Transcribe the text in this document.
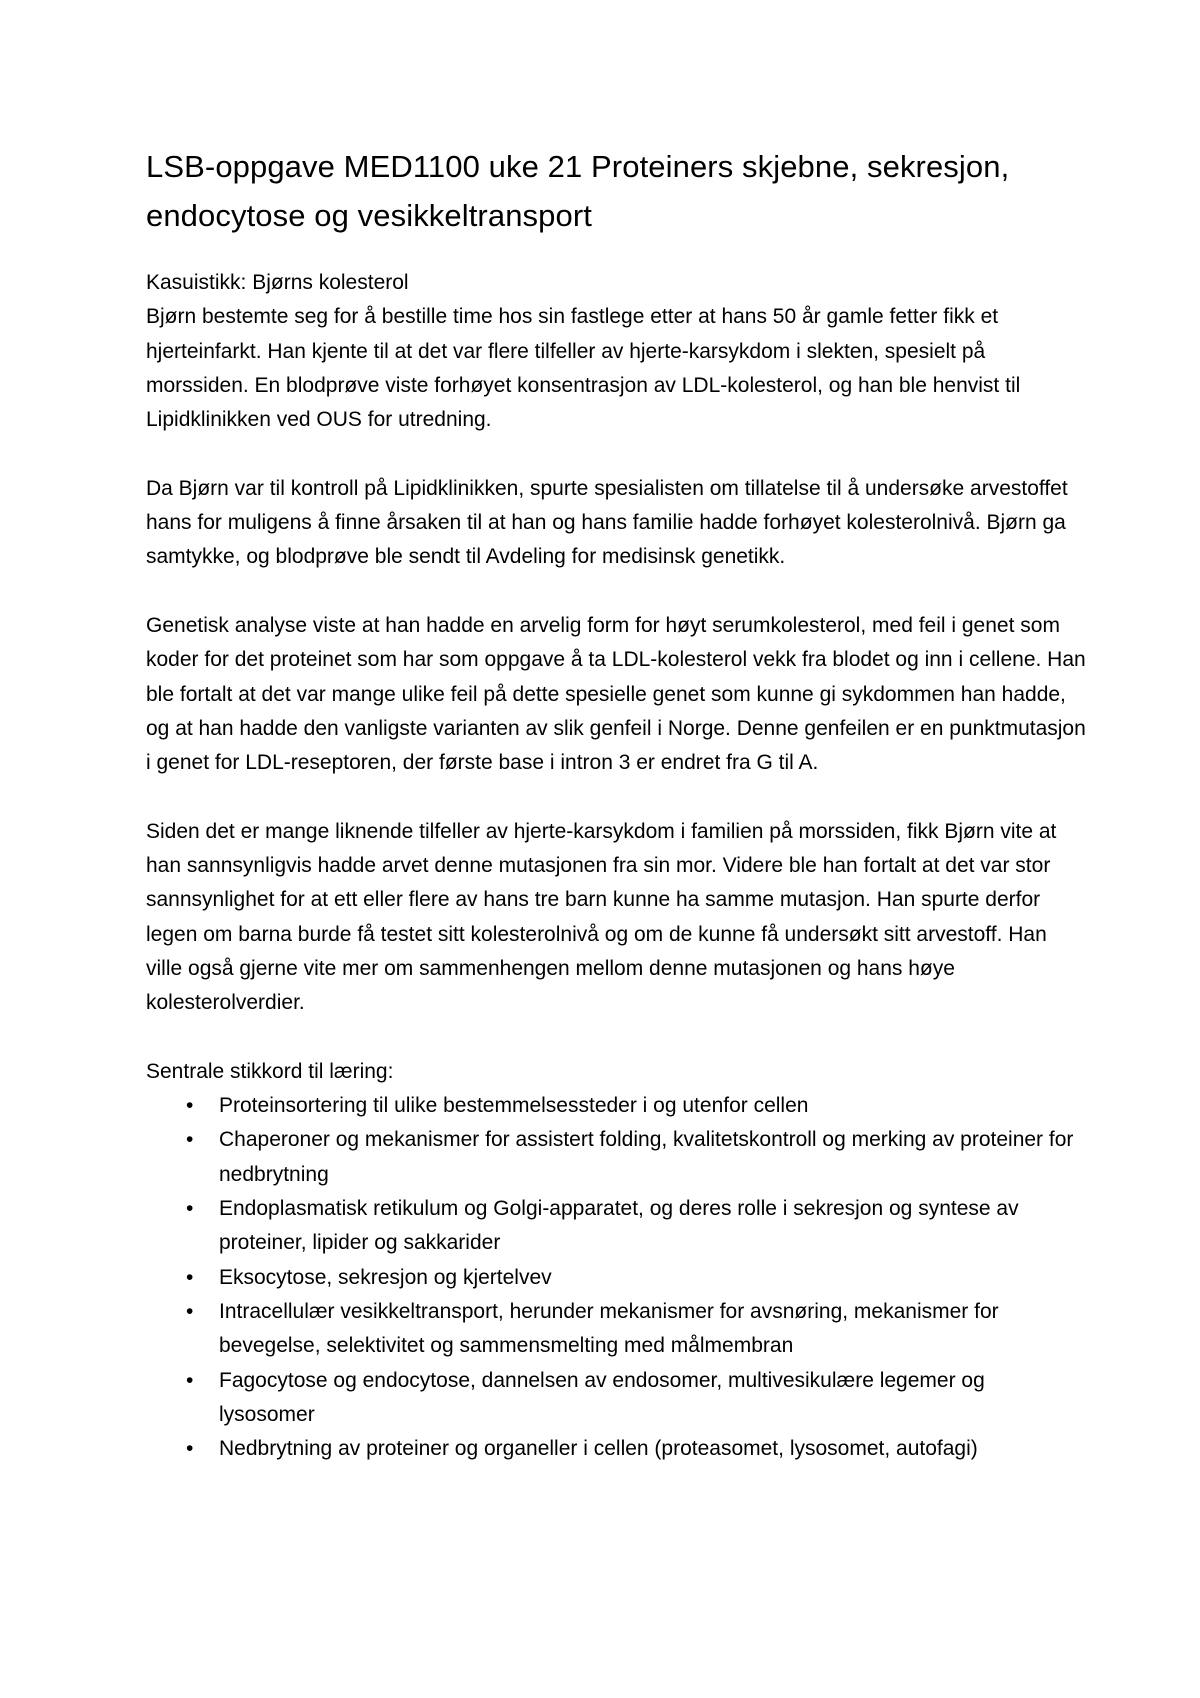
LSB-oppgave MED1100 uke 21 Proteiners skjebne, sekresjon, endocytose og vesikkeltransport

Kasuistikk: Bjørns kolesterol

Bjørn bestemte seg for å bestille time hos sin fastlege etter at hans 50 år gamle fetter fikk et hjerteinfarkt. Han kjente til at det var flere tilfeller av hjerte-karsykdom i slekten, spesielt på morssiden. En blodprøve viste forhøyet konsentrasjon av LDL-kolesterol, og han ble henvist til Lipidklinikken ved OUS for utredning.

Da Bjørn var til kontroll på Lipidklinikken, spurte spesialisten om tillatelse til å undersøke arvestoffet hans for muligens å finne årsaken til at han og hans familie hadde forhøyet kolesterolnivå. Bjørn ga samtykke, og blodprøve ble sendt til Avdeling for medisinsk genetikk.

Genetisk analyse viste at han hadde en arvelig form for høyt serumkolesterol, med feil i genet som koder for det proteinet som har som oppgave å ta LDL-kolesterol vekk fra blodet og inn i cellene. Han ble fortalt at det var mange ulike feil på dette spesielle genet som kunne gi sykdommen han hadde, og at han hadde den vanligste varianten av slik genfeil i Norge. Denne genfeilen er en punktmutasjon i genet for LDL-reseptoren, der første base i intron 3 er endret fra G til A.

Siden det er mange liknende tilfeller av hjerte-karsykdom i familien på morssiden, fikk Bjørn vite at han sannsynligvis hadde arvet denne mutasjonen fra sin mor. Videre ble han fortalt at det var stor sannsynlighet for at ett eller flere av hans tre barn kunne ha samme mutasjon. Han spurte derfor legen om barna burde få testet sitt kolesterolnivå og om de kunne få undersøkt sitt arvestoff. Han ville også gjerne vite mer om sammenhengen mellom denne mutasjonen og hans høye kolesterolverdier.

Sentrale stikkord til læring:

• Proteinsortering til ulike bestemmelsessteder i og utenfor cellen
• Chaperoner og mekanismer for assistert folding, kvalitetskontroll og merking av proteiner for nedbrytning
• Endoplasmatisk retikulum og Golgi-apparatet, og deres rolle i sekresjon og syntese av proteiner, lipider og sakkarider
• Eksocytose, sekresjon og kjertelvev
• Intracellulær vesikkeltransport, herunder mekanismer for avsnøring, mekanismer for bevegelse, selektivitet og sammensmelting med målmembran
• Fagocytose og endocytose, dannelsen av endosomer, multivesikulære legemer og lysosomer
• Nedbrytning av proteiner og organeller i cellen (proteasomet, lysosomet, autofagi)
